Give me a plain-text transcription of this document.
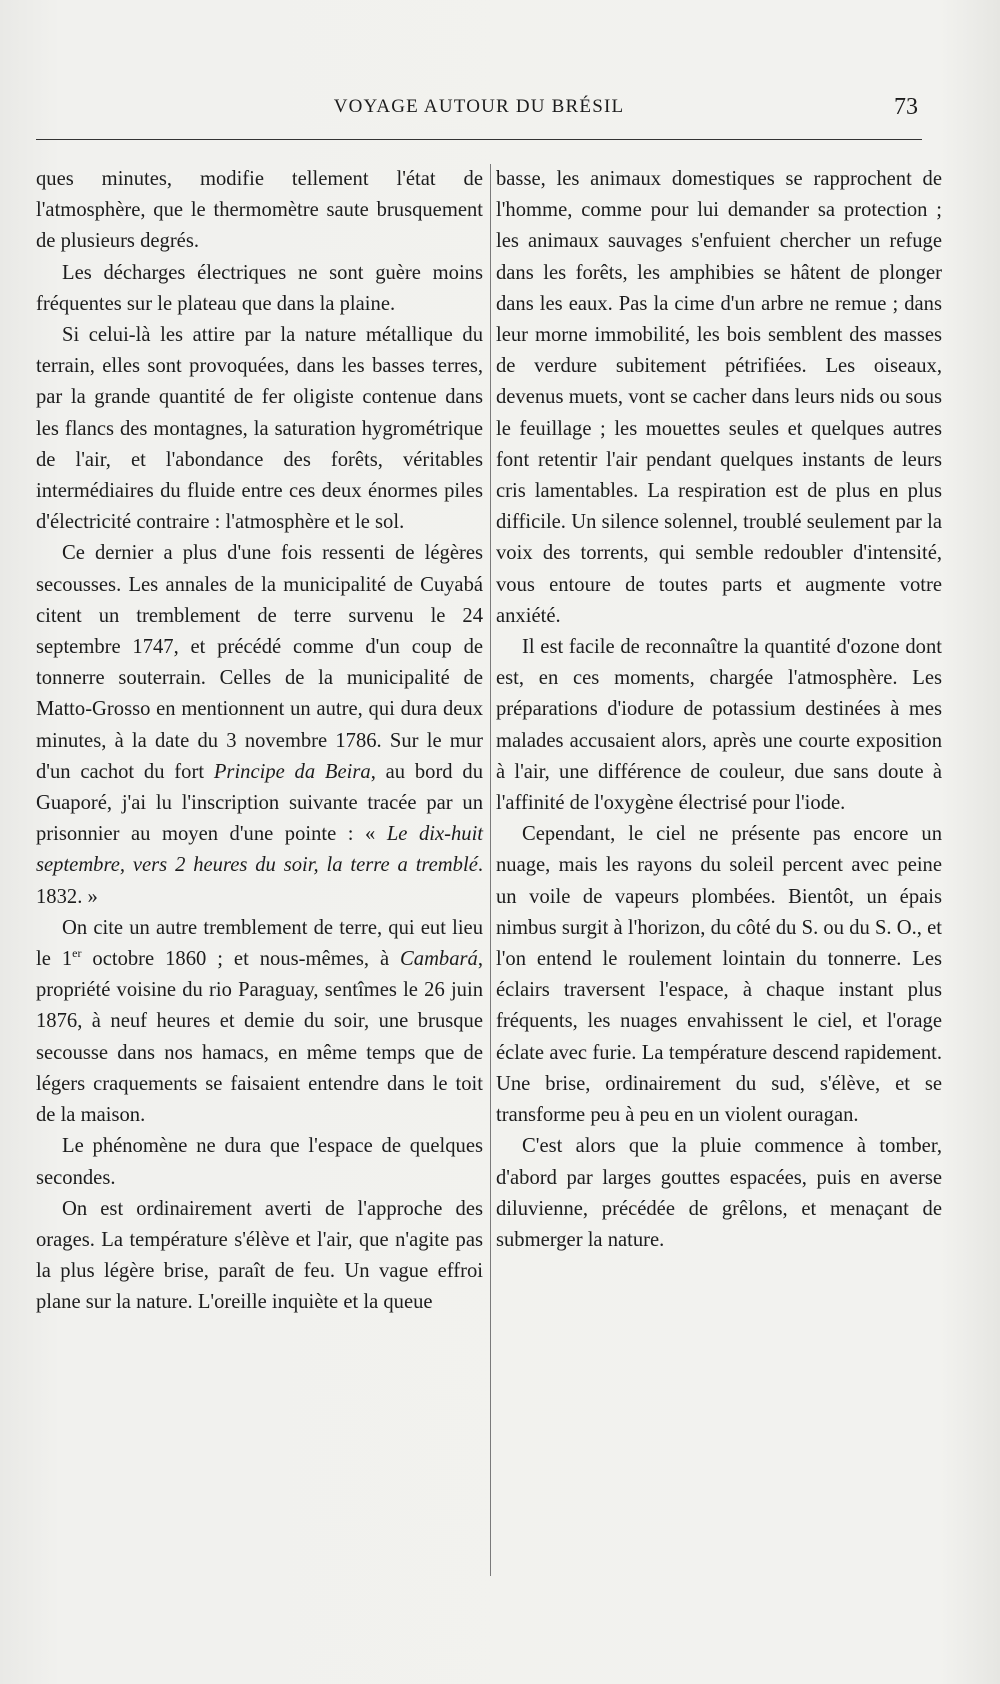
VOYAGE AUTOUR DU BRÉSIL	73

ques minutes, modifie tellement l'état de l'atmosphère, que le thermomètre saute brusquement de plusieurs degrés.

Les décharges électriques ne sont guère moins fréquentes sur le plateau que dans la plaine.

Si celui-là les attire par la nature métallique du terrain, elles sont provoquées, dans les basses terres, par la grande quantité de fer oligiste contenue dans les flancs des montagnes, la saturation hygrométrique de l'air, et l'abondance des forêts, véritables intermédiaires du fluide entre ces deux énormes piles d'électricité contraire : l'atmosphère et le sol.

Ce dernier a plus d'une fois ressenti de légères secousses. Les annales de la municipalité de Cuyabá citent un tremblement de terre survenu le 24 septembre 1747, et précédé comme d'un coup de tonnerre souterrain. Celles de la municipalité de Matto-Grosso en mentionnent un autre, qui dura deux minutes, à la date du 3 novembre 1786. Sur le mur d'un cachot du fort Principe da Beira, au bord du Guaporé, j'ai lu l'inscription suivante tracée par un prisonnier au moyen d'une pointe : « Le dix-huit septembre, vers 2 heures du soir, la terre a tremblé. 1832. »

On cite un autre tremblement de terre, qui eut lieu le 1er octobre 1860 ; et nous-mêmes, à Cambará, propriété voisine du rio Paraguay, sentîmes le 26 juin 1876, à neuf heures et demie du soir, une brusque secousse dans nos hamacs, en même temps que de légers craquements se faisaient entendre dans le toit de la maison.

Le phénomène ne dura que l'espace de quelques secondes.

On est ordinairement averti de l'approche des orages. La température s'élève et l'air, que n'agite pas la plus légère brise, paraît de feu. Un vague effroi plane sur la nature. L'oreille inquiète et la queue

basse, les animaux domestiques se rapprochent de l'homme, comme pour lui demander sa protection ; les animaux sauvages s'enfuient chercher un refuge dans les forêts, les amphibies se hâtent de plonger dans les eaux. Pas la cime d'un arbre ne remue ; dans leur morne immobilité, les bois semblent des masses de verdure subitement pétrifiées. Les oiseaux, devenus muets, vont se cacher dans leurs nids ou sous le feuillage ; les mouettes seules et quelques autres font retentir l'air pendant quelques instants de leurs cris lamentables. La respiration est de plus en plus difficile. Un silence solennel, troublé seulement par la voix des torrents, qui semble redoubler d'intensité, vous entoure de toutes parts et augmente votre anxiété.

Il est facile de reconnaître la quantité d'ozone dont est, en ces moments, chargée l'atmosphère. Les préparations d'iodure de potassium destinées à mes malades accusaient alors, après une courte exposition à l'air, une différence de couleur, due sans doute à l'affinité de l'oxygène électrisé pour l'iode.

Cependant, le ciel ne présente pas encore un nuage, mais les rayons du soleil percent avec peine un voile de vapeurs plombées. Bientôt, un épais nimbus surgit à l'horizon, du côté du S. ou du S. O., et l'on entend le roulement lointain du tonnerre. Les éclairs traversent l'espace, à chaque instant plus fréquents, les nuages envahissent le ciel, et l'orage éclate avec furie. La température descend rapidement. Une brise, ordinairement du sud, s'élève, et se transforme peu à peu en un violent ouragan.

C'est alors que la pluie commence à tomber, d'abord par larges gouttes espacées, puis en averse diluvienne, précédée de grêlons, et menaçant de submerger la nature.
